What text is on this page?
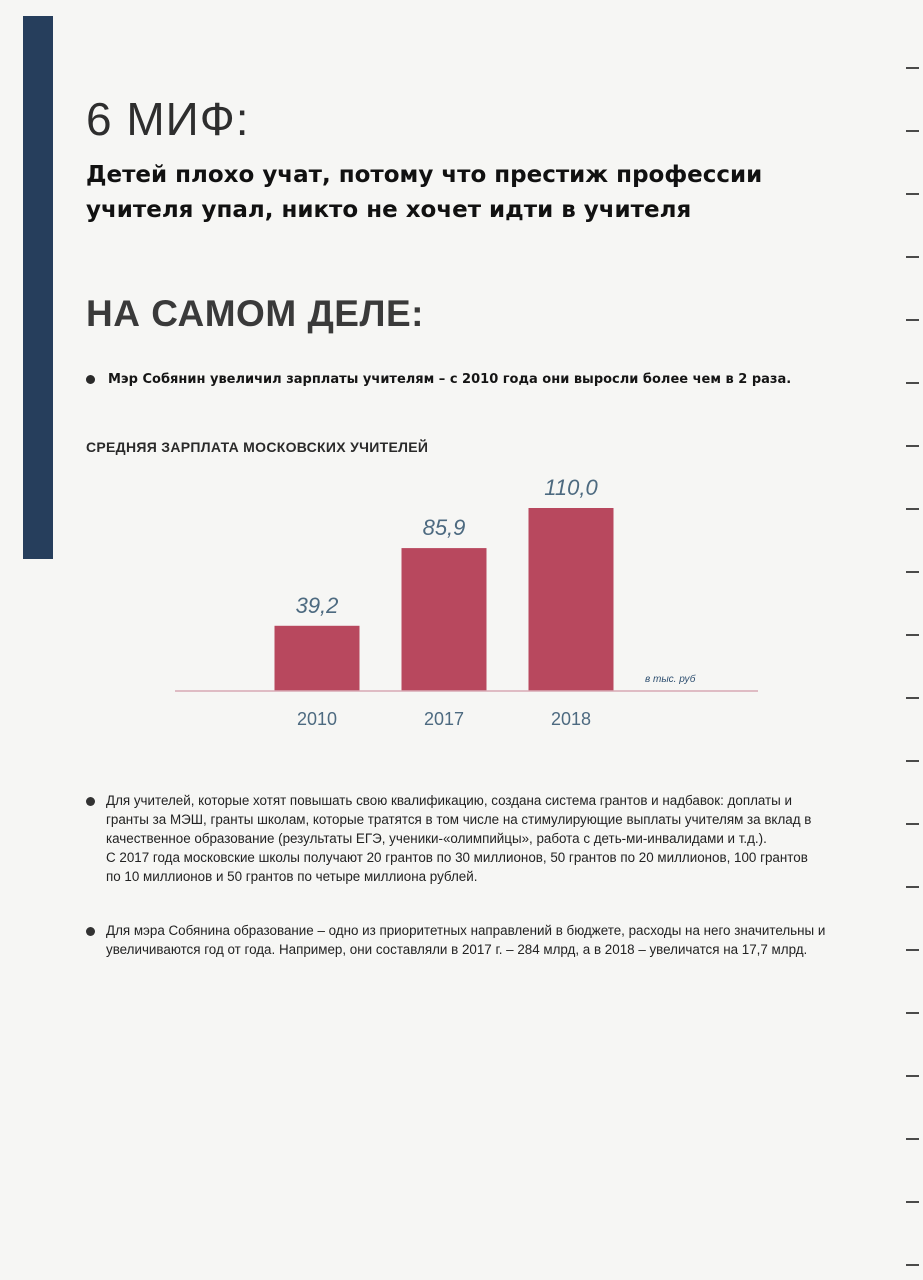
6 МИФ:

Детей плохо учат, потому что престиж профессии учителя упал, никто не хочет идти в учителя

НА САМОМ ДЕЛЕ:
Мэр Собянин увеличил зарплаты учителям – с 2010 года они выросли более чем в 2 раза.
СРЕДНЯЯ ЗАРПЛАТА МОСКОВСКИХ УЧИТЕЛЕЙ
39,2
2010
85,9
2017
110,0
2018
в тыс. руб

Для учителей, которые хотят повышать свою квалификацию, создана система грантов и надбавок: доплаты и гранты за МЭШ, гранты школам, которые тратятся в том числе на стимулирующие выплаты учителям за вклад в качественное образование (результаты ЕГЭ, ученики-«олимпийцы», работа с деть-ми-инвалидами и т.д.).

С 2017 года московские школы получают 20 грантов по 30 миллионов, 50 грантов по 20 миллионов, 100 грантов по 10 миллионов и 50 грантов по четыре миллиона рублей.

Для мэра Собянина образование – одно из приоритетных направлений в бюджете, расходы на него значительны и увеличиваются год от года. Например, они составляли в 2017 г. – 284 млрд, а в 2018 – увеличатся на 17,7 млрд.
